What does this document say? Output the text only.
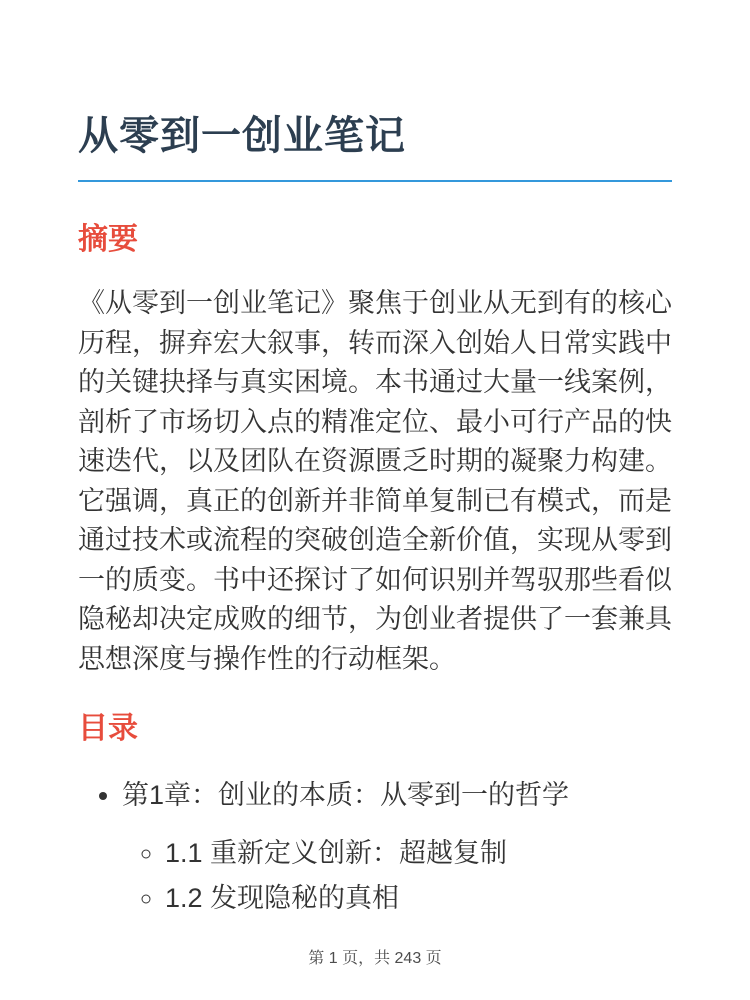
从零到一创业笔记
摘要

《从零到一创业笔记》聚焦于创业从无到有的核心历程，摒弃宏大叙事，转而深入创始人日常实践中的关键抉择与真实困境。本书通过大量一线案例，剖析了市场切入点的精准定位、最小可行产品的快速迭代，以及团队在资源匮乏时期的凝聚力构建。它强调，真正的创新并非简单复制已有模式，而是通过技术或流程的突破创造全新价值，实现从零到一的质变。书中还探讨了如何识别并驾驭那些看似隐秘却决定成败的细节，为创业者提供了一套兼具思想深度与操作性的行动框架。

目录
• 第1章：创业的本质：从零到一的哲学
◦ 1.1 重新定义创新：超越复制
◦ 1.2 发现隐秘的真相
第 1 页，共 243 页
